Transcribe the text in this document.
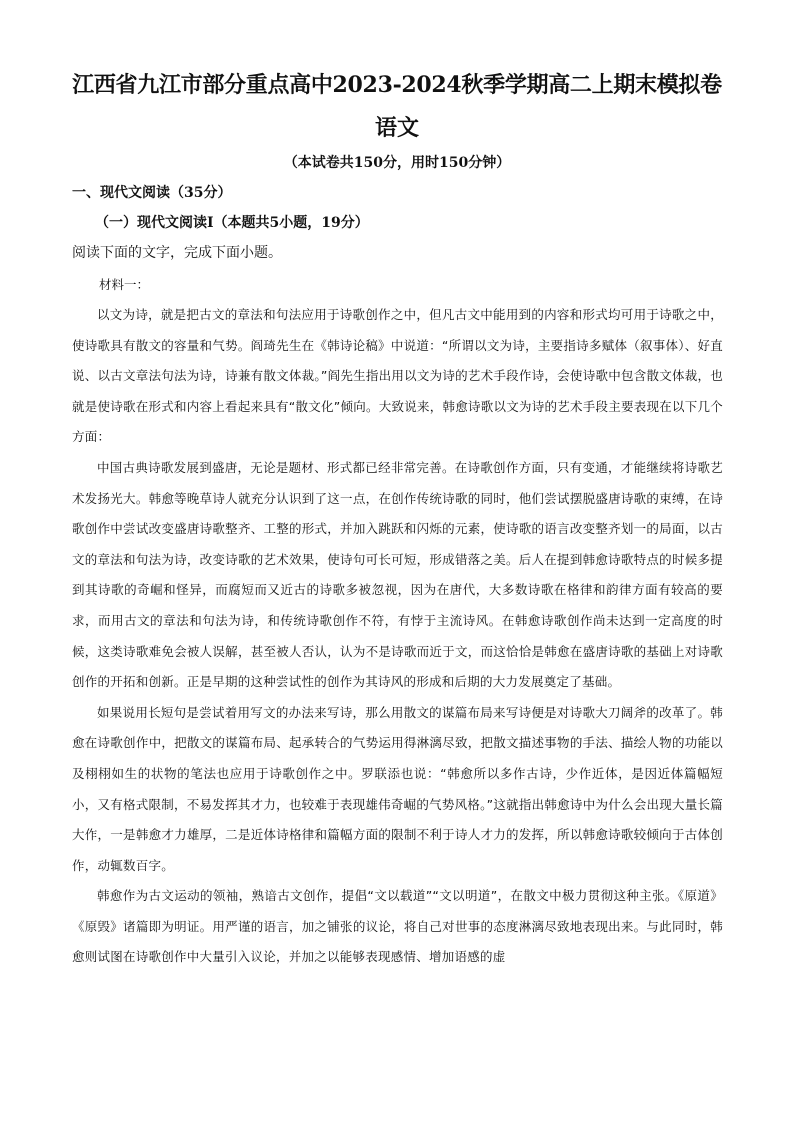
江西省九江市部分重点高中2023-2024秋季学期高二上期末模拟卷
语文
（本试卷共150分，用时150分钟）
一、现代文阅读（35分）
（一）现代文阅读Ⅰ（本题共5小题，19分）
阅读下面的文字，完成下面小题。
材料一：

以文为诗，就是把古文的章法和句法应用于诗歌创作之中，但凡古文中能用到的内容和形式均可用于诗歌之中，使诗歌具有散文的容量和气势。阎琦先生在《韩诗论稿》中说道：“所谓以文为诗，主要指诗多赋体（叙事体）、好直说、以古文章法句法为诗，诗兼有散文体裁。”阎先生指出用以文为诗的艺术手段作诗，会使诗歌中包含散文体裁，也就是使诗歌在形式和内容上看起来具有“散文化”倾向。大致说来，韩愈诗歌以文为诗的艺术手段主要表现在以下几个方面：

中国古典诗歌发展到盛唐，无论是题材、形式都已经非常完善。在诗歌创作方面，只有变通，才能继续将诗歌艺术发扬光大。韩愈等晚草诗人就充分认识到了这一点，在创作传统诗歌的同时，他们尝试摆脱盛唐诗歌的束缚，在诗歌创作中尝试改变盛唐诗歌整齐、工整的形式，并加入跳跃和闪烁的元素，使诗歌的语言改变整齐划一的局面，以古文的章法和句法为诗，改变诗歌的艺术效果，使诗句可长可短，形成错落之美。后人在提到韩愈诗歌特点的时候多提到其诗歌的奇崛和怪异，而腐短而又近古的诗歌多被忽视，因为在唐代，大多数诗歌在格律和韵律方面有较高的要求，而用古文的章法和句法为诗，和传统诗歌创作不符，有悖于主流诗风。在韩愈诗歌创作尚未达到一定高度的时候，这类诗歌难免会被人误解，甚至被人否认，认为不是诗歌而近于文，而这恰恰是韩愈在盛唐诗歌的基础上对诗歌创作的开拓和创新。正是早期的这种尝试性的创作为其诗风的形成和后期的大力发展奠定了基础。

如果说用长短句是尝试着用写文的办法来写诗，那么用散文的谋篇布局来写诗便是对诗歌大刀阔斧的改革了。韩愈在诗歌创作中，把散文的谋篇布局、起承转合的气势运用得淋漓尽致，把散文描述事物的手法、描绘人物的功能以及栩栩如生的状物的笔法也应用于诗歌创作之中。罗联添也说：“韩愈所以多作古诗，少作近体，是因近体篇幅短小，又有格式限制，不易发挥其才力，也较难于表现雄伟奇崛的气势风格。”这就指出韩愈诗中为什么会出现大量长篇大作，一是韩愈才力雄厚，二是近体诗格律和篇幅方面的限制不利于诗人才力的发挥，所以韩愈诗歌较倾向于古体创作，动辄数百字。

韩愈作为古文运动的领袖，熟谙古文创作，提倡“文以载道”“文以明道”，在散文中极力贯彻这种主张。《原道》《原毁》诸篇即为明证。用严谨的语言，加之铺张的议论，将自己对世事的态度淋漓尽致地表现出来。与此同时，韩愈则试图在诗歌创作中大量引入议论，并加之以能够表现感情、增加语感的虚
